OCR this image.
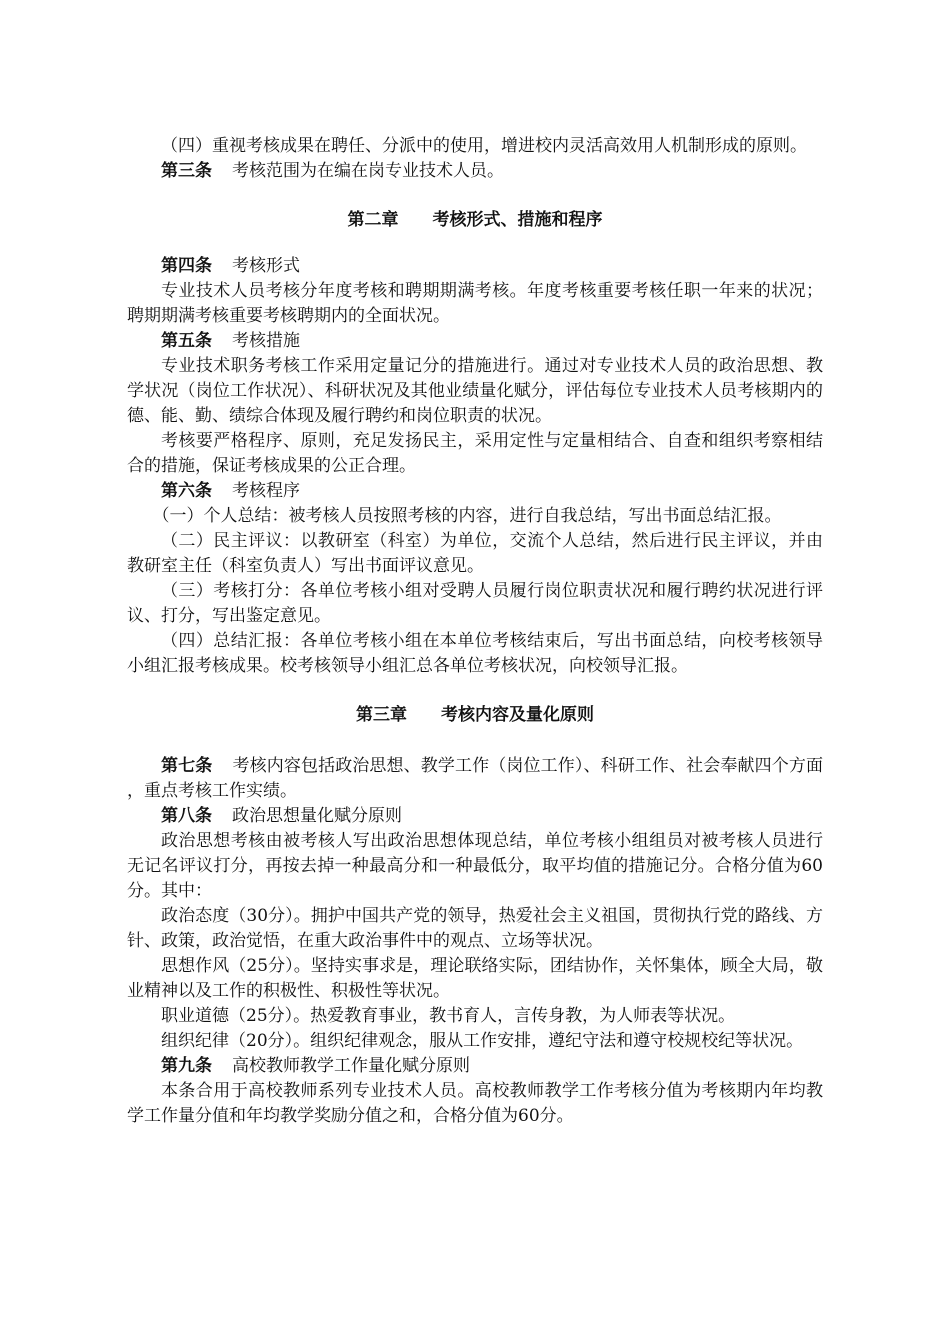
（四）重视考核成果在聘任、分派中的使用，增进校内灵活高效用人机制形成的原则。

第三条 考核范围为在编在岗专业技术人员。

第二章 考核形式、措施和程序

第四条 考核形式

专业技术人员考核分年度考核和聘期期满考核。年度考核重要考核任职一年来的状况；聘期期满考核重要考核聘期内的全面状况。

第五条 考核措施

专业技术职务考核工作采用定量记分的措施进行。通过对专业技术人员的政治思想、教学状况（岗位工作状况）、科研状况及其他业绩量化赋分，评估每位专业技术人员考核期内的德、能、勤、绩综合体现及履行聘约和岗位职责的状况。

考核要严格程序、原则，充足发扬民主，采用定性与定量相结合、自查和组织考察相结合的措施，保证考核成果的公正合理。

第六条 考核程序

（一）个人总结：被考核人员按照考核的内容，进行自我总结，写出书面总结汇报。

（二）民主评议：以教研室（科室）为单位，交流个人总结，然后进行民主评议，并由教研室主任（科室负责人）写出书面评议意见。

（三）考核打分：各单位考核小组对受聘人员履行岗位职责状况和履行聘约状况进行评议、打分，写出鉴定意见。

（四）总结汇报：各单位考核小组在本单位考核结束后，写出书面总结，向校考核领导小组汇报考核成果。校考核领导小组汇总各单位考核状况，向校领导汇报。

第三章 考核内容及量化原则

第七条 考核内容包括政治思想、教学工作（岗位工作）、科研工作、社会奉献四个方面，重点考核工作实绩。

第八条 政治思想量化赋分原则

政治思想考核由被考核人写出政治思想体现总结，单位考核小组组员对被考核人员进行无记名评议打分，再按去掉一种最高分和一种最低分，取平均值的措施记分。合格分值为60分。其中：

政治态度（30分）。拥护中国共产党的领导，热爱社会主义祖国，贯彻执行党的路线、方针、政策，政治觉悟，在重大政治事件中的观点、立场等状况。

思想作风（25分）。坚持实事求是，理论联络实际，团结协作，关怀集体，顾全大局，敬业精神以及工作的积极性、积极性等状况。

职业道德（25分）。热爱教育事业，教书育人，言传身教，为人师表等状况。

组织纪律（20分）。组织纪律观念，服从工作安排，遵纪守法和遵守校规校纪等状况。

第九条 高校教师教学工作量化赋分原则

本条合用于高校教师系列专业技术人员。高校教师教学工作考核分值为考核期内年均教学工作量分值和年均教学奖励分值之和，合格分值为60分。
